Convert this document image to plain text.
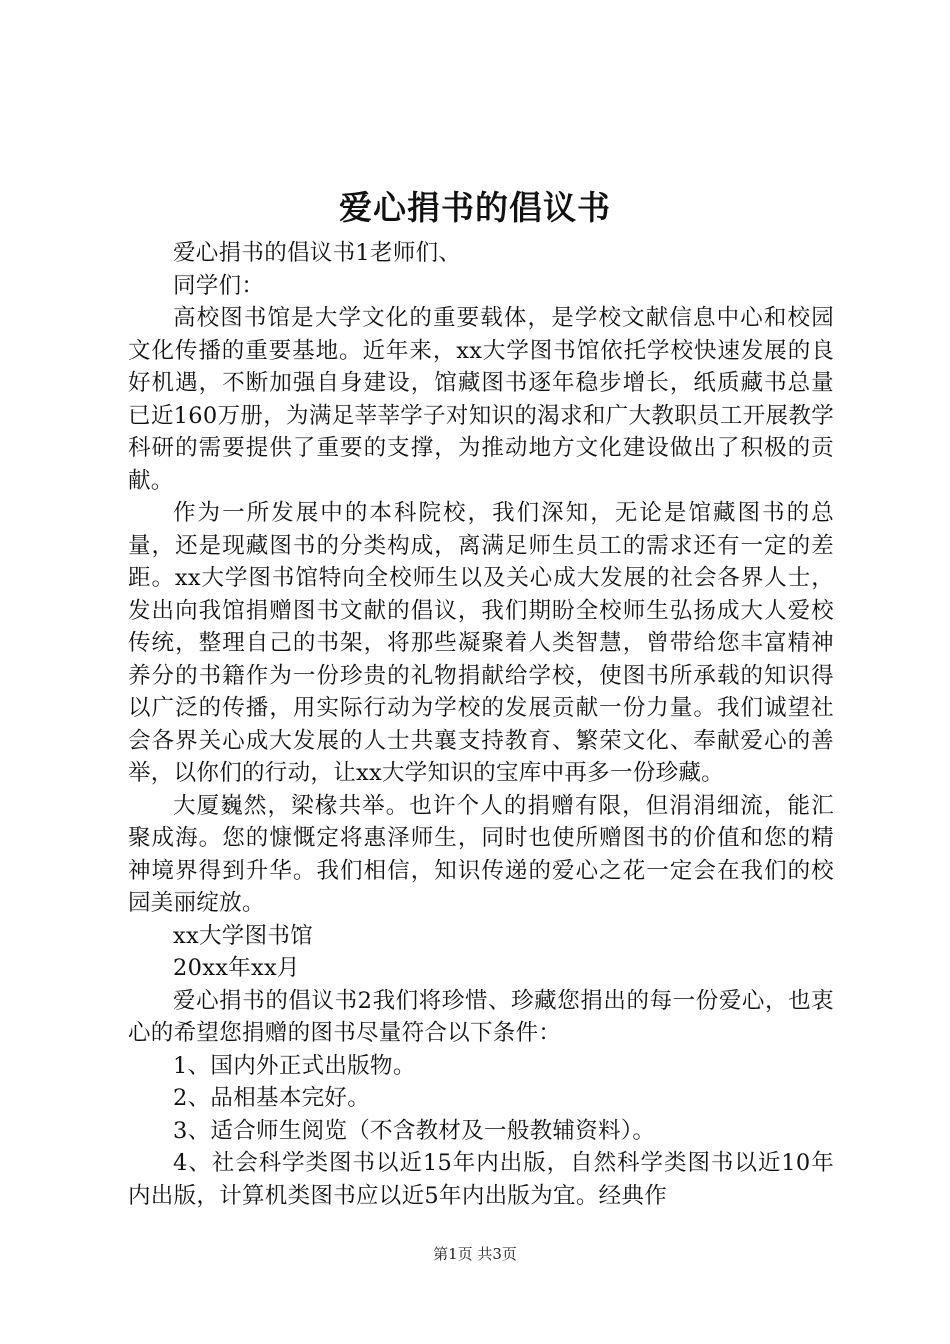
爱心捐书的倡议书

爱心捐书的倡议书1老师们、

同学们：

高校图书馆是大学文化的重要载体，是学校文献信息中心和校园文化传播的重要基地。近年来，xx大学图书馆依托学校快速发展的良好机遇，不断加强自身建设，馆藏图书逐年稳步增长，纸质藏书总量已近160万册，为满足莘莘学子对知识的渴求和广大教职员工开展教学科研的需要提供了重要的支撑，为推动地方文化建设做出了积极的贡献。

作为一所发展中的本科院校，我们深知，无论是馆藏图书的总量，还是现藏图书的分类构成，离满足师生员工的需求还有一定的差距。xx大学图书馆特向全校师生以及关心成大发展的社会各界人士，发出向我馆捐赠图书文献的倡议，我们期盼全校师生弘扬成大人爱校传统，整理自己的书架，将那些凝聚着人类智慧，曾带给您丰富精神养分的书籍作为一份珍贵的礼物捐献给学校，使图书所承载的知识得以广泛的传播，用实际行动为学校的发展贡献一份力量。我们诚望社会各界关心成大发展的人士共襄支持教育、繁荣文化、奉献爱心的善举，以你们的行动，让xx大学知识的宝库中再多一份珍藏。

大厦巍然，梁椽共举。也许个人的捐赠有限，但涓涓细流，能汇聚成海。您的慷慨定将惠泽师生，同时也使所赠图书的价值和您的精神境界得到升华。我们相信，知识传递的爱心之花一定会在我们的校园美丽绽放。

xx大学图书馆

20xx年xx月

爱心捐书的倡议书2我们将珍惜、珍藏您捐出的每一份爱心，也衷心的希望您捐赠的图书尽量符合以下条件：

1、国内外正式出版物。

2、品相基本完好。

3、适合师生阅览（不含教材及一般教辅资料）。

4、社会科学类图书以近15年内出版，自然科学类图书以近10年内出版，计算机类图书应以近5年内出版为宜。经典作

第1页 共3页
